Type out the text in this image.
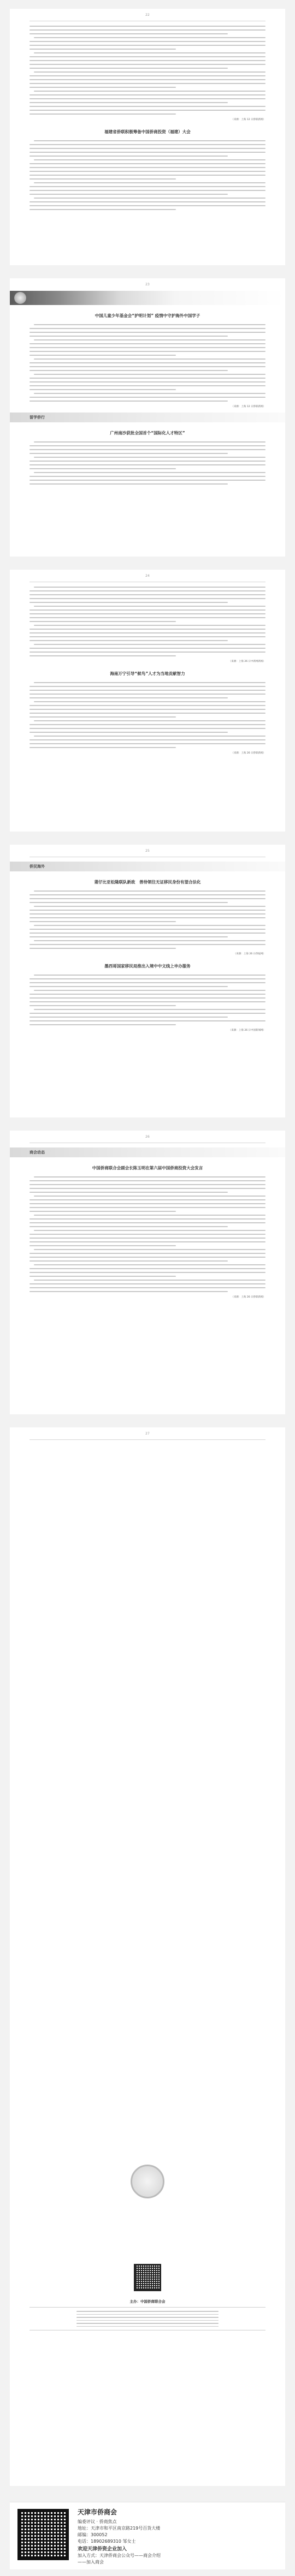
22
（来源：上海 12 日侨联新闻）
福建省侨联积极筹备中国侨商投资（福建）大会
23
中国儿童少年基金会“护明计划” 疫情中守护海外中国学子
（来源：上海 12 日侨联新闻）
留学侨行
广州南沙获批全国首个“国际化人才特区”
24
（来源：上海 26 日中新网新闻）
海南万宁引导“候鸟”人才为当地贡献智力
（来源：上海 26 日侨联新闻）
25
侨民海外
莆仔比亚松隆联队新政　善待领往无证移民身份有望合法化
（来源：上海 26 日侨报网）
墨西哥国家移民局推出入境中中文线上申办服务
（来源：上海 26 日中国新闻网）
26
商会动态
中国侨商联合会副会长陈玉明在第六届中国侨商投资大会发言
（来源：上海 26 日侨联新闻）
27
主办：中国侨商联合会
天津市侨商会
编委评议 · 侨商焦点
地址：天津市和平区南京路219号百货大楼
邮编：300052
电话：18902689310 邹女士
欢迎天津侨资企业加入
加入方式：天津侨商会公众号——商会介绍
——加入商会
